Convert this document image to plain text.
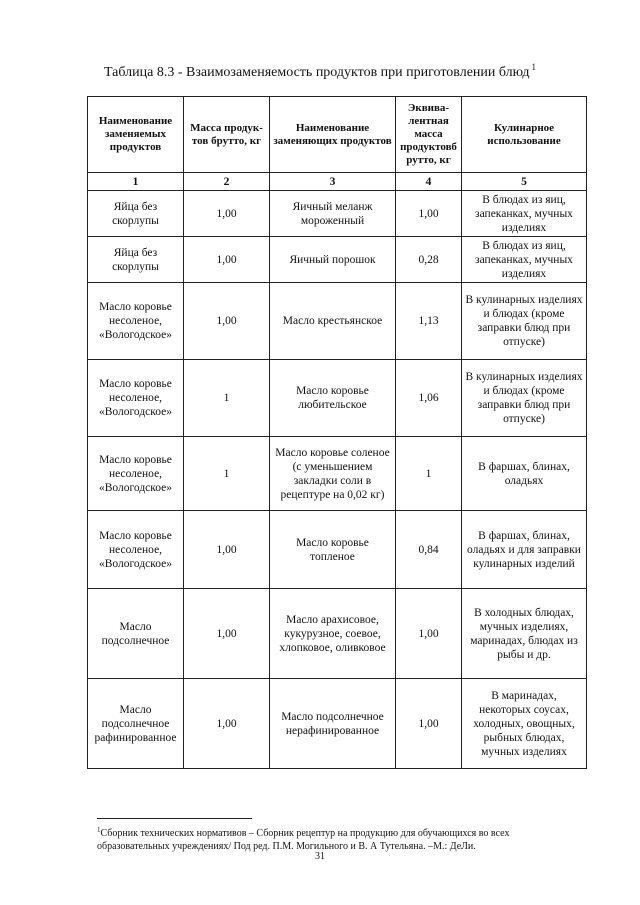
Таблица 8.3 - Взаимозаменяемость продуктов при приготовлении блюд $^1$
Наименование заменяемых продуктов	Масса продук- тов брутто, кг	Наименование заменяющих продуктов	Эквива- лентная масса продуктовб рутто, кг	Кулинарное использование
1	2	3	4	5
Яйца без скорлупы	1,00	Яичный меланж мороженный	1,00	В блюдах из яиц, запеканках, мучных изделиях
Яйца без скорлупы	1,00	Яичный порошок	0,28	В блюдах из яиц, запеканках, мучных изделиях
Масло коровье несоленое, «Вологодское»	1,00	Масло крестьянское	1,13	В кулинарных изделиях и блюдах (кроме заправки блюд при отпуске)
Масло коровье несоленое, «Вологодское»	1	Масло коровье любительское	1,06	В кулинарных изделиях и блюдах (кроме заправки блюд при отпуске)
Масло коровье несоленое, «Вологодское»	1	Масло коровье соленое (с уменьшением закладки соли в рецептуре на 0,02 кг)	1	В фаршах, блинах, оладьях
Масло коровье несоленое, «Вологодское»	1,00	Масло коровье топленое	0,84	В фаршах, блинах, оладьях и для заправки кулинарных изделий
Масло подсолнечное	1,00	Масло арахисовое, кукурузное, соевое, хлопковое, оливковое	1,00	В холодных блюдах, мучных изделиях, маринадах, блюдах из рыбы и др.
Масло подсолнечное рафинированное	1,00	Масло подсолнечное нерафинированное	1,00	В маринадах, некоторых соусах, холодных, овощных, рыбных блюдах, мучных изделиях
$^1$Сборник технических нормативов – Сборник рецептур на продукцию для обучающихся во всех образовательных учреждениях/ Под ред. П.М. Могильного и В. А Тутельяна. –М.: ДеЛи.
31
